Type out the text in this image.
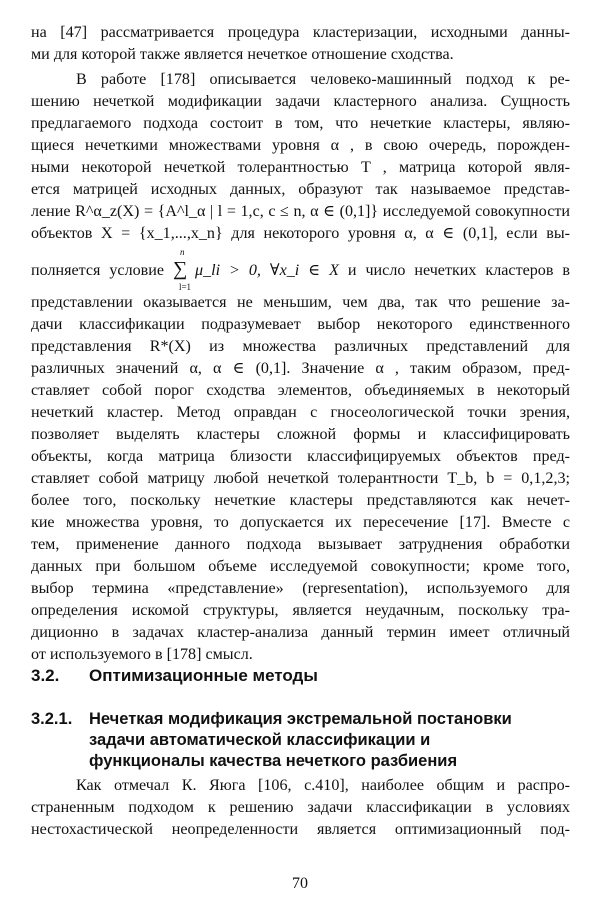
на [47] рассматривается процедура кластеризации, исходными данны-
ми для которой также является нечеткое отношение сходства.
В работе [178] описывается человеко-машинный подход к ре-
шению нечеткой модификации задачи кластерного анализа. Сущность
предлагаемого подхода состоит в том, что нечеткие кластеры, являю-
щиеся нечеткими множествами уровня α , в свою очередь, порожден-
ными некоторой нечеткой толерантностью T , матрица которой явля-
ется матрицей исходных данных, образуют так называемое представ-
ление R^α_z(X) = {A^l_α | l = 1,c, c ≤ n, α ∈ (0,1]} исследуемой совокупности
объектов X = {x_1,...,x_n} для некоторого уровня α, α ∈ (0,1], если вы-
полняется условие
n
∑
l=1
μ_li > 0, ∀x_i ∈ X и число нечетких кластеров в
представлении оказывается не меньшим, чем два, так что решение за-
дачи классификации подразумевает выбор некоторого единственного
представления R*(X) из множества различных представлений для
различных значений α, α ∈ (0,1]. Значение α , таким образом, пред-
ставляет собой порог сходства элементов, объединяемых в некоторый
нечеткий кластер. Метод оправдан с гносеологической точки зрения,
позволяет выделять кластеры сложной формы и классифицировать
объекты, когда матрица близости классифицируемых объектов пред-
ставляет собой матрицу любой нечеткой толерантности T_b, b = 0,1,2,3;
более того, поскольку нечеткие кластеры представляются как нечет-
кие множества уровня, то допускается их пересечение [17]. Вместе с
тем, применение данного подхода вызывает затруднения обработки
данных при большом объеме исследуемой совокупности; кроме того,
выбор термина «представление» (representation), используемого для
определения искомой структуры, является неудачным, поскольку тра-
диционно в задачах кластер-анализа данный термин имеет отличный
от используемого в [178] смысл.
3.2. Оптимизационные методы
3.2.1. Нечеткая модификация экстремальной постановки
задачи автоматической классификации и
функционалы качества нечеткого разбиения
Как отмечал К. Яюга [106, с.410], наиболее общим и распро-
страненным подходом к решению задачи классификации в условиях
нестохастической неопределенности является оптимизационный под-
70
